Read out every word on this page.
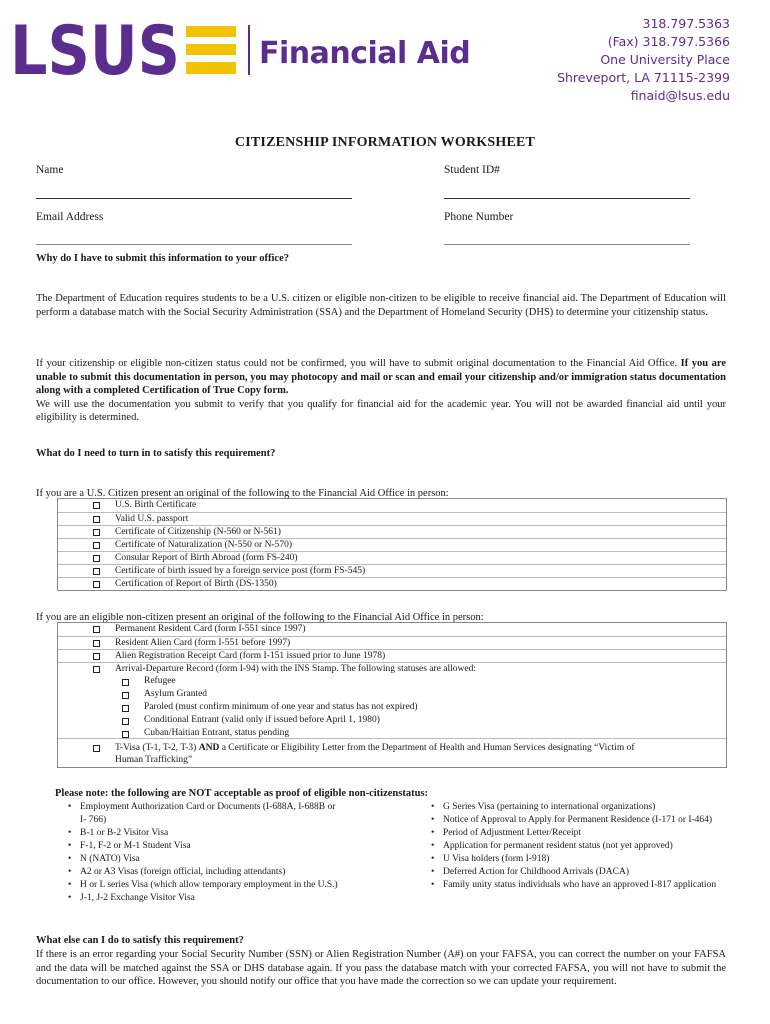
LSUS	Financial Aid
318.797.5363
(Fax) 318.797.5366
One University Place
Shreveport, LA 71115-2399
finaid@lsus.edu
CITIZENSHIP INFORMATION WORKSHEET
Name	Student ID#
Email Address	Phone Number
Why do I have to submit this information to your office?
The Department of Education requires students to be a U.S. citizen or eligible non-citizen to be eligible to receive financial aid. The Department of Education will perform a database match with the Social Security Administration (SSA) and the Department of Homeland Security (DHS) to determine your citizenship status.
If your citizenship or eligible non-citizen status could not be confirmed, you will have to submit original documentation to the Financial Aid Office. If you are unable to submit this documentation in person, you may photocopy and mail or scan and email your citizenship and/or immigration status documentation along with a completed Certification of True Copy form.
We will use the documentation you submit to verify that you qualify for financial aid for the academic year. You will not be awarded financial aid until your eligibility is determined.
What do I need to turn in to satisfy this requirement?
If you are a U.S. Citizen present an original of the following to the Financial Aid Office in person:
U.S. Birth Certificate
Valid U.S. passport
Certificate of Citizenship (N-560 or N-561)
Certificate of Naturalization (N-550 or N-570)
Consular Report of Birth Abroad (form FS-240)
Certificate of birth issued by a foreign service post (form FS-545)
Certification of Report of Birth (DS-1350)
If you are an eligible non-citizen present an original of the following to the Financial Aid Office in person:
Permanent Resident Card (form I-551 since 1997)
Resident Alien Card (form I-551 before 1997)
Alien Registration Receipt Card (form I-151 issued prior to June 1978)
Arrival-Departure Record (form I-94) with the INS Stamp. The following statuses are allowed:
Refugee
Asylum Granted
Paroled (must confirm minimum of one year and status has not expired)
Conditional Entrant (valid only if issued before April 1, 1980)
Cuban/Haitian Entrant, status pending
T-Visa (T-1, T-2, T-3) AND a Certificate or Eligibility Letter from the Department of Health and Human Services designating “Victim of
Human Trafficking”
Please note: the following are NOT acceptable as proof of eligible non-citizenstatus:
• Employment Authorization Card or Documents (I-688A, I-688B or
I- 766)
• B-1 or B-2 Visitor Visa
• F-1, F-2 or M-1 Student Visa
• N (NATO) Visa
• A2 or A3 Visas (foreign official, including attendants)
• H or L series Visa (which allow temporary employment in the U.S.)
• J-1, J-2 Exchange Visitor Visa
• G Series Visa (pertaining to international organizations)
• Notice of Approval to Apply for Permanent Residence (I-171 or I-464)
• Period of Adjustment Letter/Receipt
• Application for permanent resident status (not yet approved)
• U Visa holders (form I-918)
• Deferred Action for Childhood Arrivals (DACA)
• Family unity status individuals who have an approved I-817 application
What else can I do to satisfy this requirement?
If there is an error regarding your Social Security Number (SSN) or Alien Registration Number (A#) on your FAFSA, you can correct the number on your FAFSA and the data will be matched against the SSA or DHS database again. If you pass the database match with your corrected FAFSA, you will not have to submit the documentation to our office. However, you should notify our office that you have made the correction so we can update your requirement.
